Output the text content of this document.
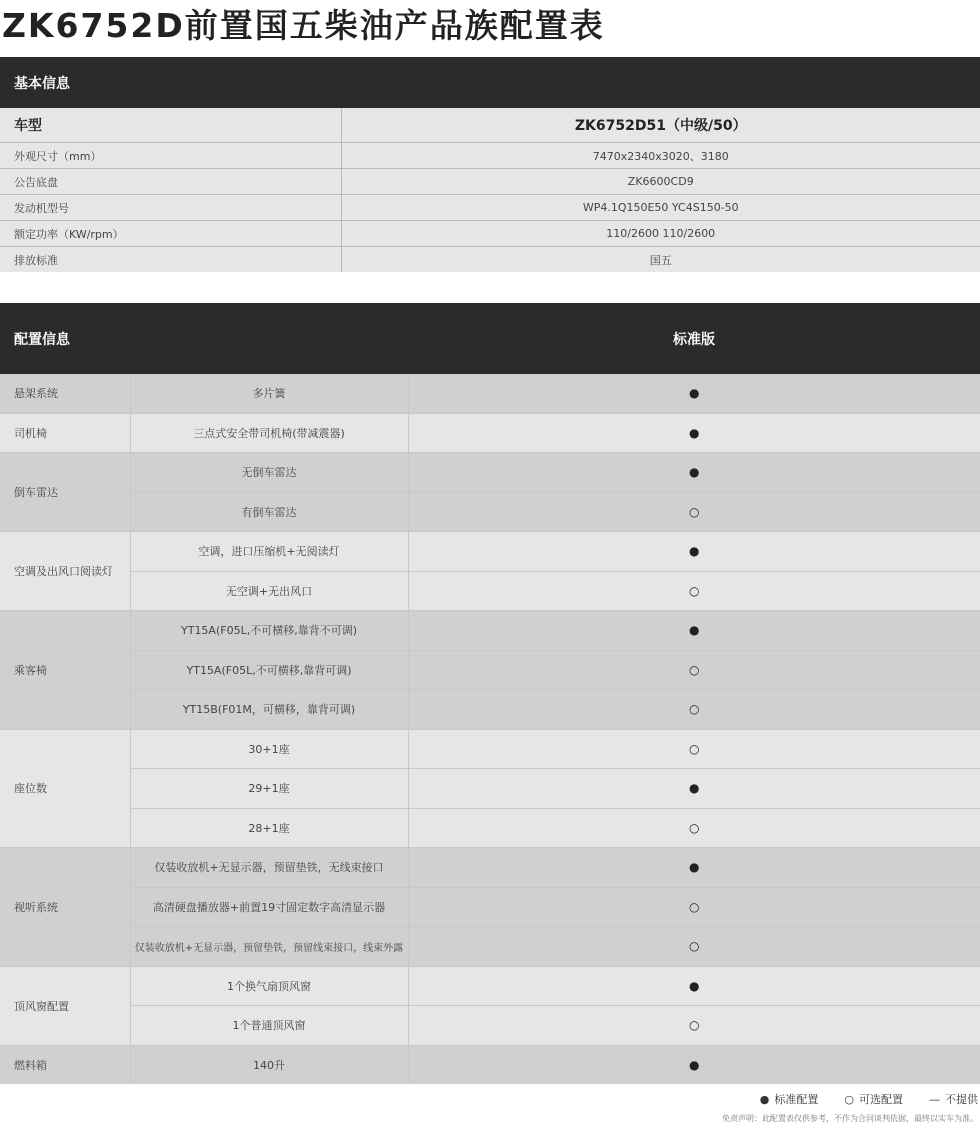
ZK6752D前置国五柴油产品族配置表
基本信息
车型	ZK6752D51（中级/50）
外观尺寸（mm）	7470x2340x3020、3180
公告底盘	ZK6600CD9
发动机型号	WP4.1Q150E50 YC4S150-50
额定功率（KW/rpm）	110/2600 110/2600
排放标准	国五
配置信息	标准版
悬架系统	多片簧	●
司机椅	三点式安全带司机椅(带减震器)	●
倒车雷达	无倒车雷达	●
	有倒车雷达	○
空调及出风口阅读灯	空调，进口压缩机+无阅读灯	●
	无空调+无出风口	○
乘客椅	YT15A(F05L,不可横移,靠背不可调)	●
	YT15A(F05L,不可横移,靠背可调)	○
	YT15B(F01M，可横移，靠背可调)	○
座位数	30+1座	○
	29+1座	●
	28+1座	○
视听系统	仅装收放机+无显示器，预留垫铁，无线束接口	●
	高清硬盘播放器+前置19寸固定数字高清显示器	○
	仅装收放机+无显示器，预留垫铁，预留线束接口，线束外露	○
顶风窗配置	1个换气扇顶风窗	●
	1个普通顶风窗	○
燃料箱	140升	●
● 标准配置 ○ 可选配置 — 不提供
免责声明：此配置表仅供参考，不作为合同谈判依据，最终以实车为准。
